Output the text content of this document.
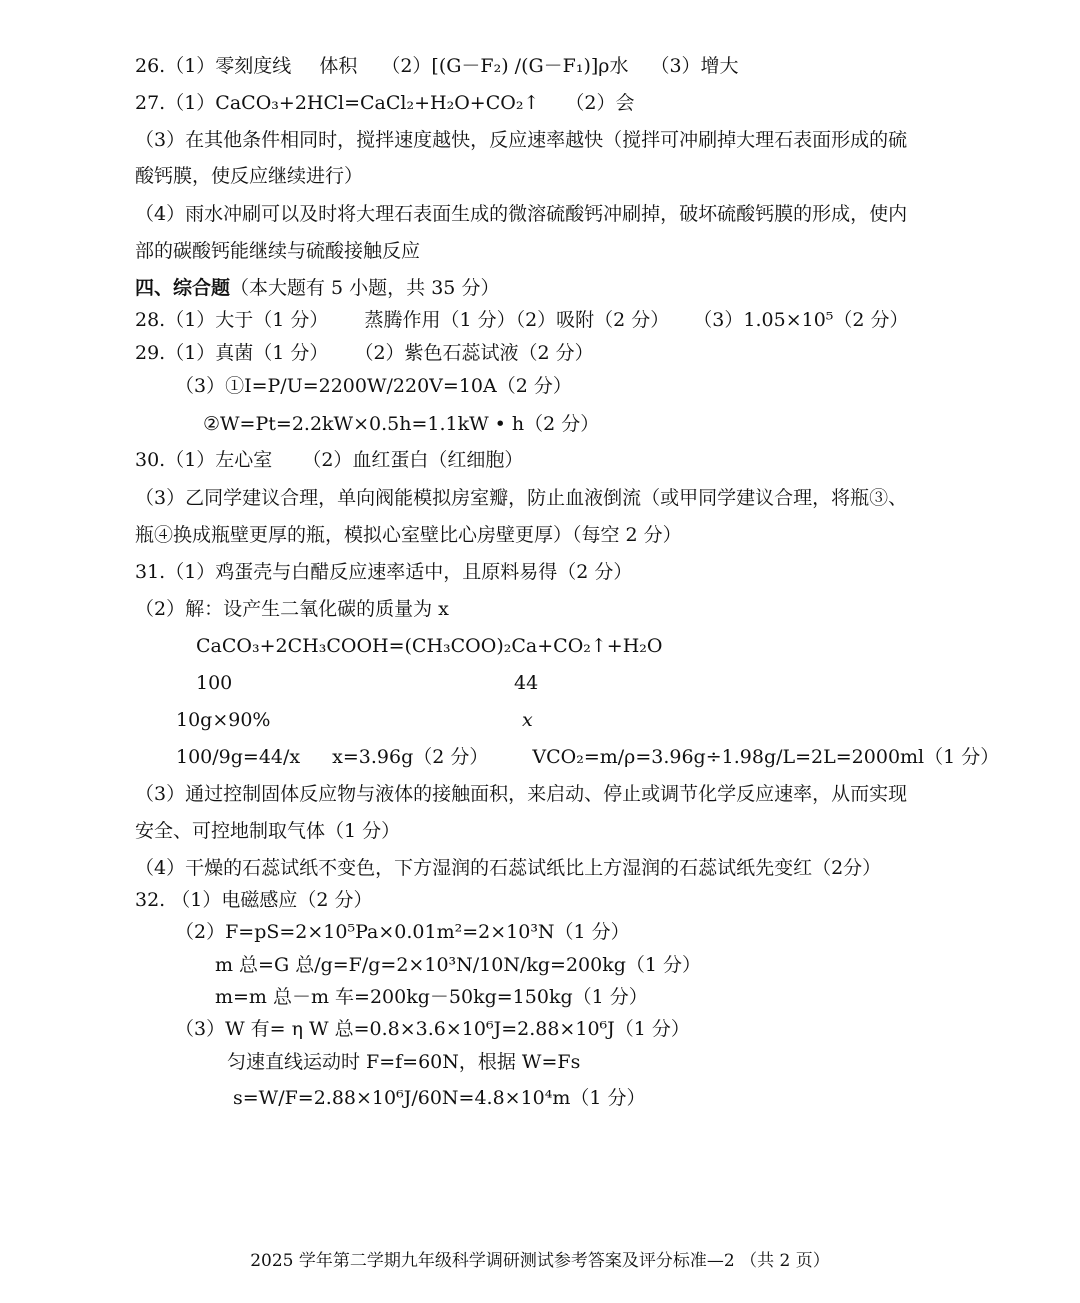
26.（1）零刻度线 体积 （2）[(G－F₂) /(G－F₁)]ρ水 （3）增大
27.（1）CaCO₃+2HCl=CaCl₂+H₂O+CO₂↑ （2）会
（3）在其他条件相同时，搅拌速度越快，反应速率越快（搅拌可冲刷掉大理石表面形成的硫
酸钙膜，使反应继续进行）
（4）雨水冲刷可以及时将大理石表面生成的微溶硫酸钙冲刷掉，破坏硫酸钙膜的形成，使内
部的碳酸钙能继续与硫酸接触反应
四、综合题（本大题有 5 小题，共 35 分）
28.（1）大于（1 分） 蒸腾作用（1 分）（2）吸附（2 分） （3）1.05×10⁵（2 分）
29.（1）真菌（1 分） （2）紫色石蕊试液（2 分）
（3）①I=P/U=2200W/220V=10A（2 分）
②W=Pt=2.2kW×0.5h=1.1kW • h（2 分）
30.（1）左心室 （2）血红蛋白（红细胞）
（3）乙同学建议合理，单向阀能模拟房室瓣，防止血液倒流（或甲同学建议合理，将瓶③、
瓶④换成瓶壁更厚的瓶，模拟心室壁比心房壁更厚）（每空 2 分）
31.（1）鸡蛋壳与白醋反应速率适中，且原料易得（2 分）
（2）解：设产生二氧化碳的质量为 x
CaCO₃+2CH₃COOH=(CH₃COO)₂Ca+CO₂↑+H₂O
100	44
10g×90%	x
100/9g=44/x x=3.96g（2 分） VCO₂=m/ρ=3.96g÷1.98g/L=2L=2000ml（1 分）
（3）通过控制固体反应物与液体的接触面积，来启动、停止或调节化学反应速率，从而实现
安全、可控地制取气体（1 分）
（4）干燥的石蕊试纸不变色，下方湿润的石蕊试纸比上方湿润的石蕊试纸先变红（2分）
32. （1）电磁感应（2 分）
（2）F=pS=2×10⁵Pa×0.01m²=2×10³N（1 分）
m 总=G 总/g=F/g=2×10³N/10N/kg=200kg（1 分）
m=m 总－m 车=200kg－50kg=150kg（1 分）
（3）W 有= η W 总=0.8×3.6×10⁶J=2.88×10⁶J（1 分）
匀速直线运动时 F=f=60N，根据 W=Fs
s=W/F=2.88×10⁶J/60N=4.8×10⁴m（1 分）
2025 学年第二学期九年级科学调研测试参考答案及评分标准—2 （共 2 页）
